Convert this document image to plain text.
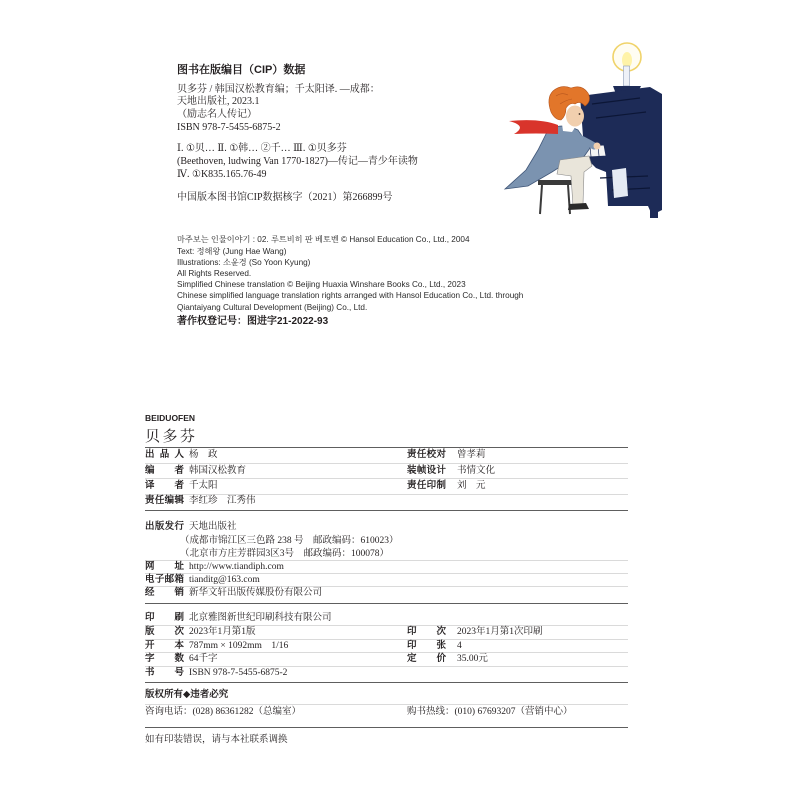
图书在版编目（CIP）数据
贝多芬 / 韩国汉松教育编；千太阳译. —成都：
天地出版社, 2023.1
（励志名人传记）
ISBN 978-7-5455-6875-2
Ⅰ. ①贝… Ⅱ. ①韩… ②千… Ⅲ. ①贝多芬
(Beethoven, ludwing Van 1770-1827)—传记—青少年读物
Ⅳ. ①K835.165.76-49
中国版本图书馆CIP数据核字（2021）第266899号
마주보는 인물이야기 : 02. 루트비히 판 베토벤 © Hansol Education Co., Ltd., 2004
Text: 정해왕 (Jung Hae Wang)
Illustrations: 소윤경 (So Yoon Kyung)
All Rights Reserved.
Simplified Chinese translation © Beijing Huaxia Winshare Books Co., Ltd., 2023
Chinese simplified language translation rights arranged with Hansol Education Co., Ltd. through
Qiantaiyang Cultural Development (Beijing) Co., Ltd.
著作权登记号：图进字21-2022-93
BEIDUOFEN
贝多芬
出品人 杨　政	责任校对 曾孝莉
编者 韩国汉松教育	装帧设计 书情文化
译者 千太阳	责任印制 刘　元
责任编辑 李红珍　江秀伟
出版发行 天地出版社
（成都市锦江区三色路 238 号　邮政编码：610023）
（北京市方庄芳群园3区3号　邮政编码：100078）
网址 http://www.tiandiph.com
电子邮箱 tianditg@163.com
经销 新华文轩出版传媒股份有限公司
印刷 北京雅图新世纪印刷科技有限公司
版次 2023年1月第1版	印次 2023年1月第1次印刷
开本 787mm × 1092mm　1/16	印张 4
字数 64千字	定价 35.00元
书号 ISBN 978-7-5455-6875-2
版权所有◆违者必究
咨询电话：(028) 86361282（总编室）	购书热线：(010) 67693207（营销中心）
如有印装错误，请与本社联系调换
